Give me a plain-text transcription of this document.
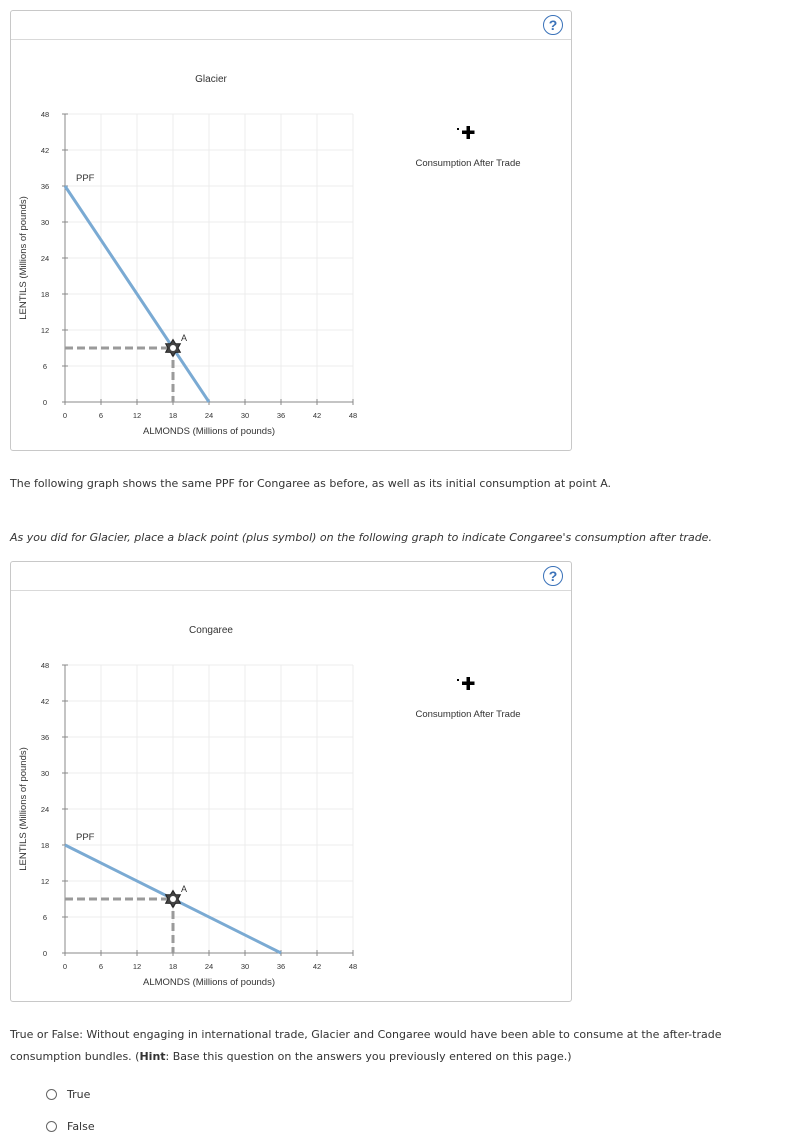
?
Glacier
0	6	12	18	24	30	36	42	48
0
6
12
18
24
30
36
42
48
ALMONDS (Millions of pounds)
LENTILS (Millions of pounds)
PPF
A
Consumption After Trade

The following graph shows the same PPF for Congaree as before, as well as its initial consumption at point A.

As you did for Glacier, place a black point (plus symbol) on the following graph to indicate Congaree's consumption after trade.

?
Congaree
0	6	12	18	24	30	36	42	48
0
6
12
18
24
30
36
42
48
ALMONDS (Millions of pounds)
LENTILS (Millions of pounds)	PPF
A
Consumption After Trade

True or False: Without engaging in international trade, Glacier and Congaree would have been able to consume at the after-trade consumption bundles. (Hint: Base this question on the answers you previously entered on this page.)

True
False
